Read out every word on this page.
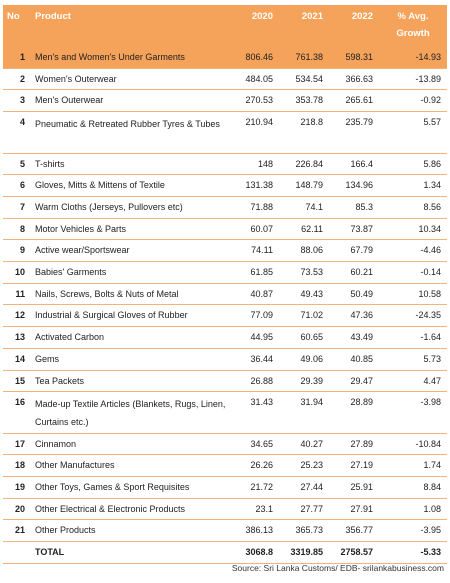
No	Product	2020	2021	2022	% Avg. Growth
1	Men's and Women's Under Garments	806.46	761.38	598.31	-14.93
2	Women's Outerwear	484.05	534.54	366.63	-13.89
3	Men's Outerwear	270.53	353.78	265.61	-0.92
4	Pneumatic & Retreated Rubber Tyres & Tubes	210.94	218.8	235.79	5.57
5	T-shirts	148	226.84	166.4	5.86
6	Gloves, Mitts & Mittens of Textile	131.38	148.79	134.96	1.34
7	Warm Cloths (Jerseys, Pullovers etc)	71.88	74.1	85.3	8.56
8	Motor Vehicles & Parts	60.07	62.11	73.87	10.34
9	Active wear/Sportswear	74.11	88.06	67.79	-4.46
10	Babies' Garments	61.85	73.53	60.21	-0.14
11	Nails, Screws, Bolts & Nuts of Metal	40.87	49.43	50.49	10.58
12	Industrial & Surgical Gloves of Rubber	77.09	71.02	47.36	-24.35
13	Activated Carbon	44.95	60.65	43.49	-1.64
14	Gems	36.44	49.06	40.85	5.73
15	Tea Packets	26.88	29.39	29.47	4.47
16	Made-up Textile Articles (Blankets, Rugs, Linen, Curtains etc.)	31.43	31.94	28.89	-3.98
17	Cinnamon	34.65	40.27	27.89	-10.84
18	Other Manufactures	26.26	25.23	27.19	1.74
19	Other Toys, Games & Sport Requisites	21.72	27.44	25.91	8.84
20	Other Electrical & Electronic Products	23.1	27.77	27.91	1.08
21	Other Products	386.13	365.73	356.77	-3.95
	TOTAL	3068.8	3319.85	2758.57	-5.33
Source: Sri Lanka Customs/ EDB- srilankabusiness.com
